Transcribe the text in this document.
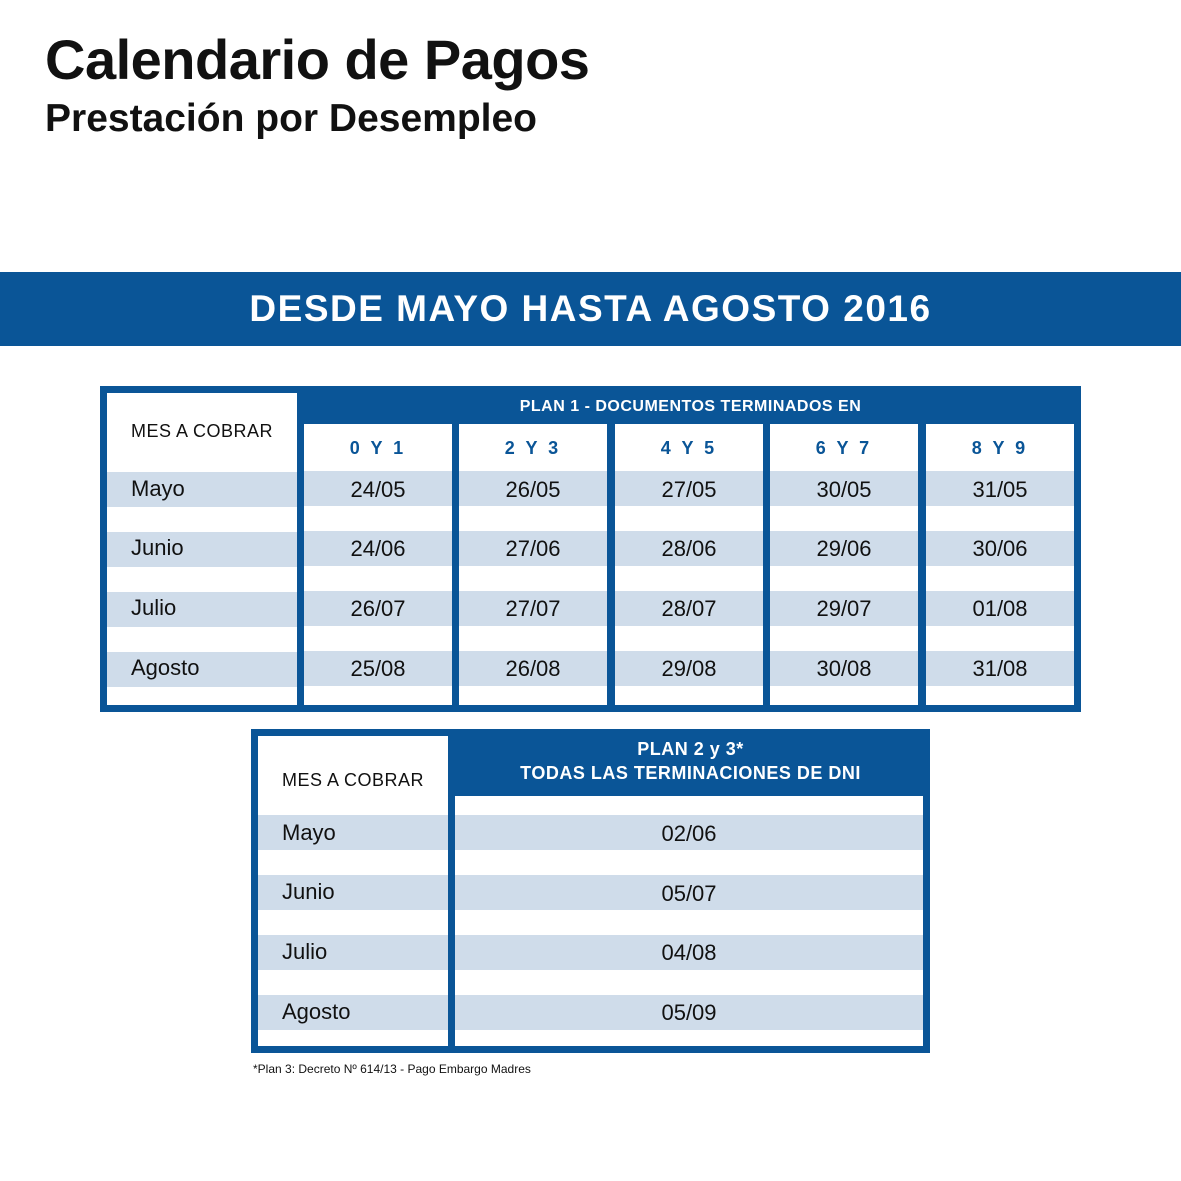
Calendario de Pagos
Prestación por Desempleo
DESDE MAYO HASTA AGOSTO 2016
MES A COBRAR
PLAN 1 - DOCUMENTOS TERMINADOS EN
Mayo
Junio
Julio
Agosto
0 Y 1
24/05
24/06
26/07
25/08
2 Y 3
26/05
27/06
27/07
26/08
4 Y 5
27/05
28/06
28/07
29/08
6 Y 7
30/05
29/06
29/07
30/08
8 Y 9
31/05
30/06
01/08
31/08
MES A COBRAR
Mayo
Junio
Julio
Agosto
PLAN 2 y 3*
TODAS LAS TERMINACIONES DE DNI
02/06
05/07
04/08
05/09
*Plan 3: Decreto Nº 614/13 - Pago Embargo Madres
